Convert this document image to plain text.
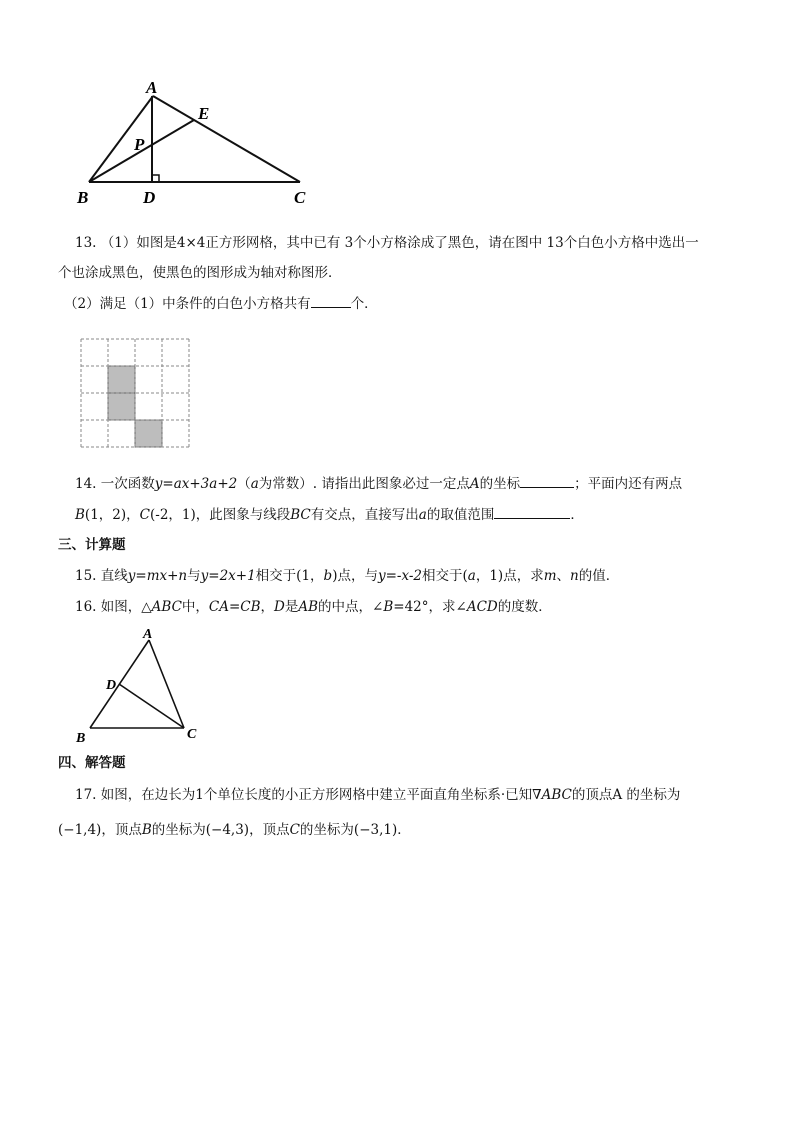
A
E
P
B	D	C
13. （1）如图是4×4正方形网格，其中已有 3个小方格涂成了黑色，请在图中 13个白色小方格中选出一
个也涂成黑色，使黑色的图形成为轴对称图形．
（2）满足（1）中条件的白色小方格共有	个．
14. 一次函数y=ax+3a+2（a为常数）. 请指出此图象必过一定点A的坐标	；平面内还有两点
B(1，2)，C(-2，1)，此图象与线段BC有交点，直接写出a的取值范围	．
三、计算题
15. 直线y=mx+n与y=2x+1相交于(1，b)点，与y=-x-2相交于(a，1)点，求m、n的值．
16. 如图，△ABC中，CA=CB，D是AB的中点，∠B=42°，求∠ACD的度数．
A
D
B	C
四、解答题
17. 如图，在边长为1个单位长度的小正方形网格中建立平面直角坐标系·已知∇ABC的顶点A 的坐标为
(−1,4)，顶点B的坐标为(−4,3)，顶点C的坐标为(−3,1)．
